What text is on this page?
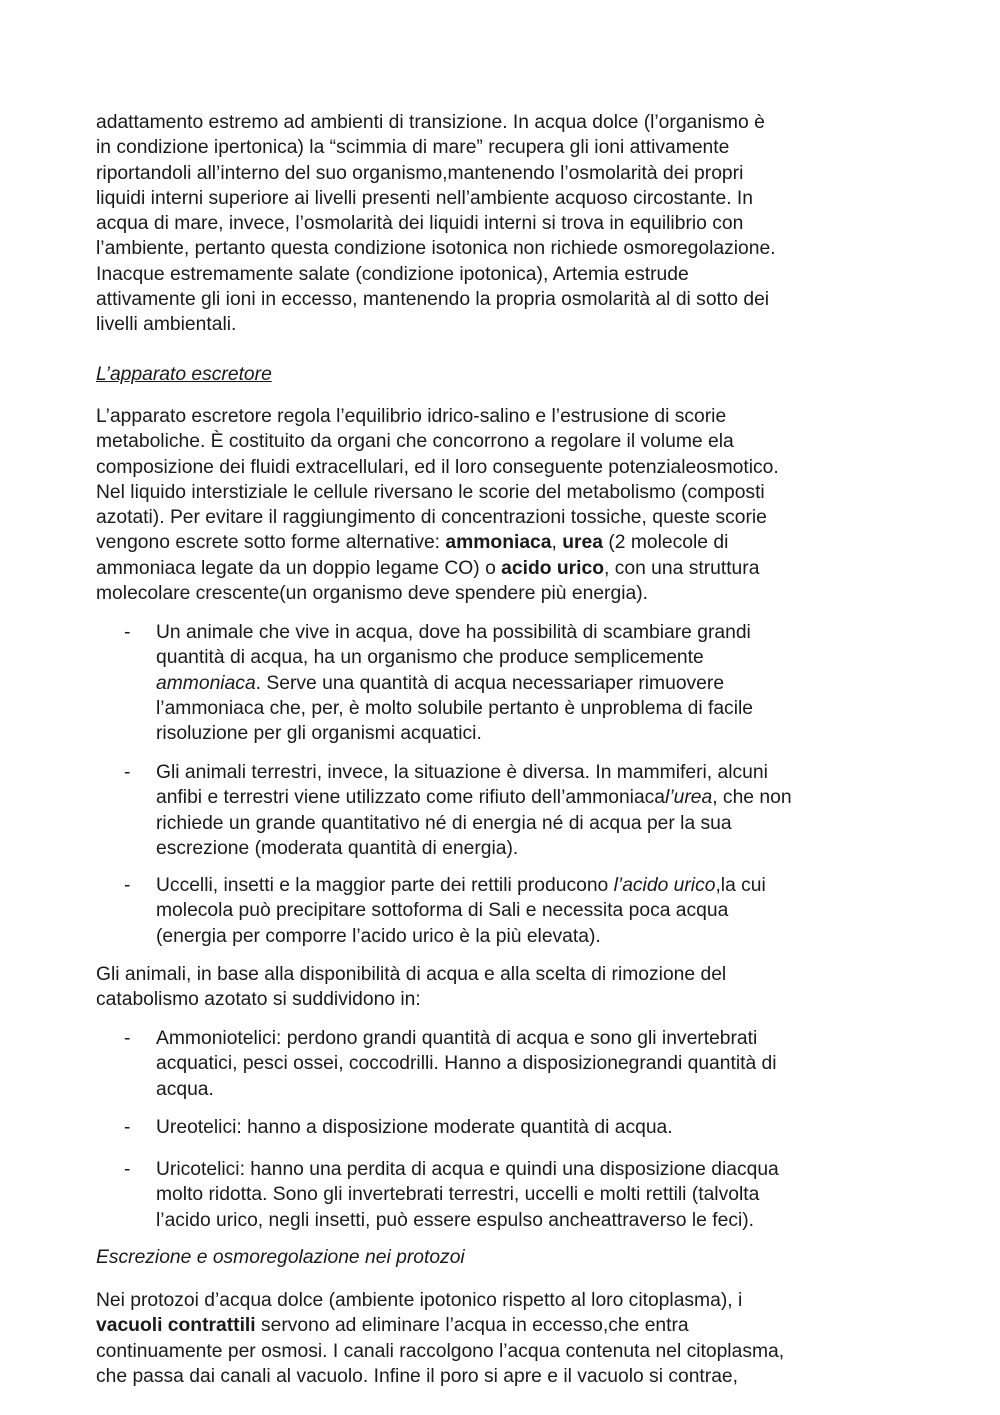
adattamento estremo ad ambienti di transizione. In acqua dolce (l’organismo è
in condizione ipertonica) la “scimmia di mare” recupera gli ioni attivamente
riportandoli all’interno del suo organismo,mantenendo l’osmolarità dei propri
liquidi interni superiore ai livelli presenti nell’ambiente acquoso circostante. In
acqua di mare, invece, l’osmolarità dei liquidi interni si trova in equilibrio con
l’ambiente, pertanto questa condizione isotonica non richiede osmoregolazione.
Inacque estremamente salate (condizione ipotonica), Artemia estrude
attivamente gli ioni in eccesso, mantenendo la propria osmolarità al di sotto dei
livelli ambientali.
L’apparato escretore
L’apparato escretore regola l’equilibrio idrico-salino e l’estrusione di scorie
metaboliche. È costituito da organi che concorrono a regolare il volume ela
composizione dei fluidi extracellulari, ed il loro conseguente potenzialeosmotico.
Nel liquido interstiziale le cellule riversano le scorie del metabolismo (composti
azotati). Per evitare il raggiungimento di concentrazioni tossiche, queste scorie
vengono escrete sotto forme alternative: ammoniaca, urea (2 molecole di
ammoniaca legate da un doppio legame CO) o acido urico, con una struttura
molecolare crescente(un organismo deve spendere più energia).
-	Un animale che vive in acqua, dove ha possibilità di scambiare grandi
quantità di acqua, ha un organismo che produce semplicemente
ammoniaca. Serve una quantità di acqua necessariaper rimuovere
l’ammoniaca che, per, è molto solubile pertanto è unproblema di facile
risoluzione per gli organismi acquatici.
-	Gli animali terrestri, invece, la situazione è diversa. In mammiferi, alcuni
anfibi e terrestri viene utilizzato come rifiuto dell’ammoniacal’urea, che non
richiede un grande quantitativo né di energia né di acqua per la sua
escrezione (moderata quantità di energia).
-	Uccelli, insetti e la maggior parte dei rettili producono l’acido urico,la cui
molecola può precipitare sottoforma di Sali e necessita poca acqua
(energia per comporre l’acido urico è la più elevata).
Gli animali, in base alla disponibilità di acqua e alla scelta di rimozione del
catabolismo azotato si suddividono in:
-	Ammoniotelici: perdono grandi quantità di acqua e sono gli invertebrati
acquatici, pesci ossei, coccodrilli. Hanno a disposizionegrandi quantità di
acqua.
-	Ureotelici: hanno a disposizione moderate quantità di acqua.
-	Uricotelici: hanno una perdita di acqua e quindi una disposizione diacqua
molto ridotta. Sono gli invertebrati terrestri, uccelli e molti rettili (talvolta
l’acido urico, negli insetti, può essere espulso ancheattraverso le feci).
Escrezione e osmoregolazione nei protozoi
Nei protozoi d’acqua dolce (ambiente ipotonico rispetto al loro citoplasma), i
vacuoli contrattili servono ad eliminare l’acqua in eccesso,che entra
continuamente per osmosi. I canali raccolgono l’acqua contenuta nel citoplasma,
che passa dai canali al vacuolo. Infine il poro si apre e il vacuolo si contrae,
